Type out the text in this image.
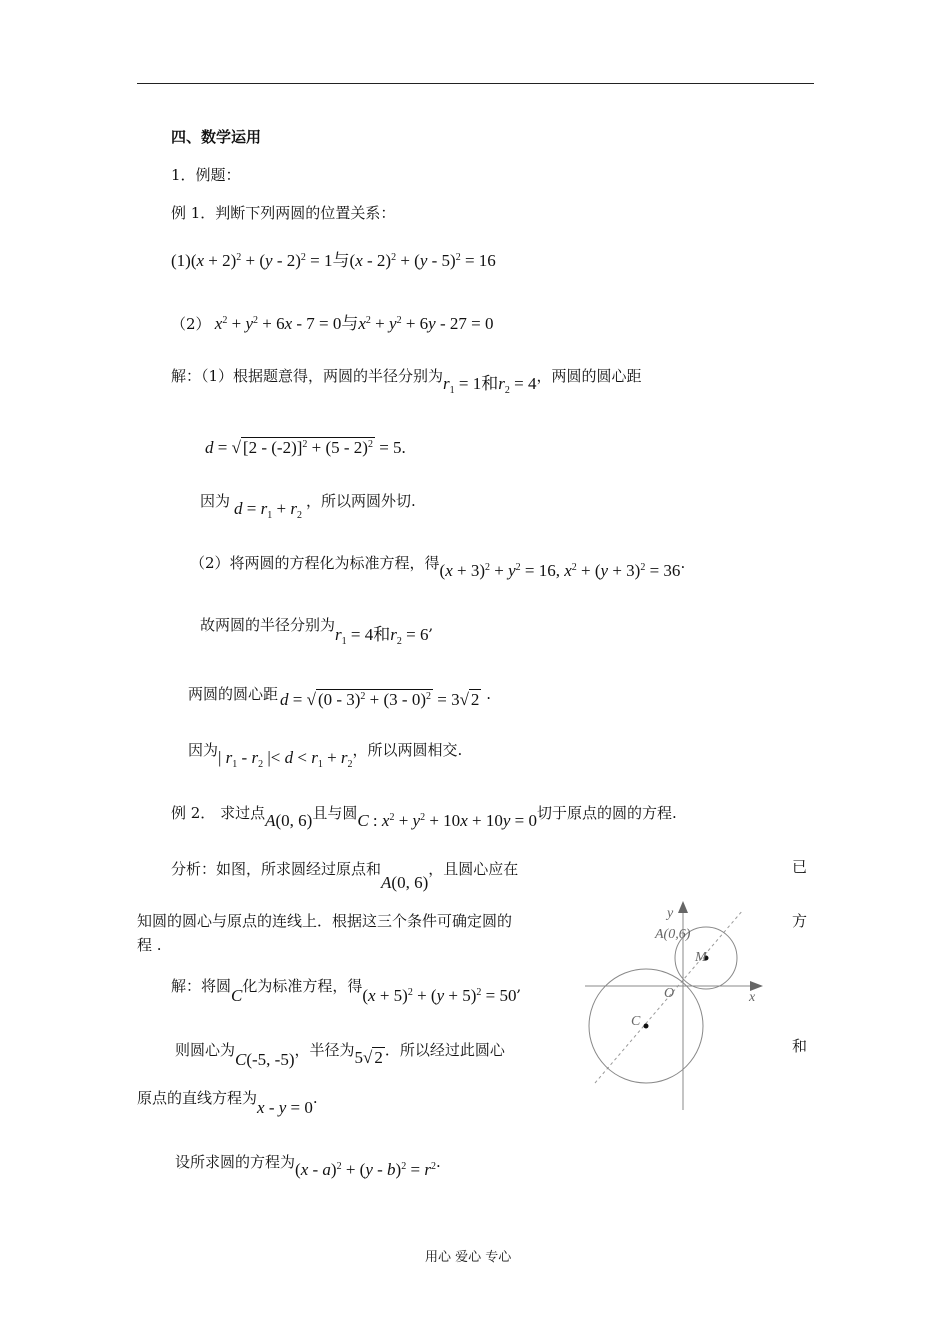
四、数学运用
1．例题：
例 1．判断下列两圆的位置关系：
$(1)(x + 2)^2 + (y - 2)^2 = 1$与(x - 2)$^2$ + (y - 5)$^2$ = 16
（2） $x^2 + y^2 + 6x - 7 = 0$与$x^2 + y^2 + 6y - 27 = 0$
解：（1）根据题意得，两圆的半径分别为$r_1 = 1$和$r_2 = 4$，两圆的圆心距
d = √ [2 - (-2)]$^2$ + (5 - 2)$^2$ = 5.
因为 $d = r_1 + r_2$，所以两圆外切.
（2）将两圆的方程化为标准方程，得$(x + 3)^2 + y^2 = 16$, $x^2 + (y + 3)^2 = 36$.
故两圆的半径分别为$r_1 = 4$和$r_2 = 6$,
两圆的圆心距 d = √ (0 - 3)$^2$ + (3 - 0)$^2$ = 3√ 2 .
因为| $r_1 - r_2$ |< $d < r_1 + r_2$，所以两圆相交.
例 2． 求过点A(0, 6)且与圆C : $x^2 + y^2 + 10x + 10y = 0$切于原点的圆的方程.
分析：如图，所求圆经过原点和A(0, 6)，且圆心应在	已
知圆的圆心与原点的连线上．根据这三个条件可确定圆的	方
程 .
解：将圆C化为标准方程，得$(x + 5)^2 + (y + 5)^2 = 50$,
则圆心为C(-5, -5)，半径为5√ 2 ．所以经过此圆心	和
原点的直线方程为x - y = 0.
设所求圆的方程为$(x - a)^2 + (y - b)^2 = r^2$.
y
A(0,6)
M
O	x
C
用心 爱心 专心
